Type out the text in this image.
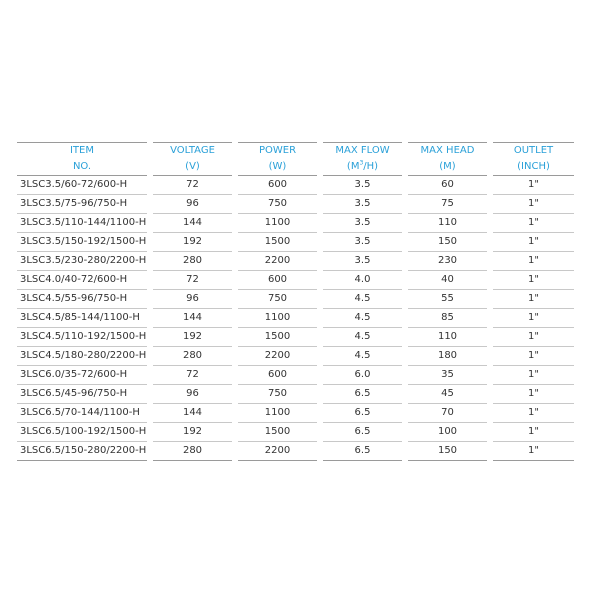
ITEM	VOLTAGE	POWER	MAX FLOW	MAX HEAD	OUTLET
NO.	(V)	(W)	$(M^3/H)$	(M)	(INCH)
3LSC3.5/60-72/600-H	72	600	3.5	60	1"
3LSC3.5/75-96/750-H	96	750	3.5	75	1"
3LSC3.5/110-144/1100-H	144	1100	3.5	110	1"
3LSC3.5/150-192/1500-H	192	1500	3.5	150	1"
3LSC3.5/230-280/2200-H	280	2200	3.5	230	1"
3LSC4.0/40-72/600-H	72	600	4.0	40	1"
3LSC4.5/55-96/750-H	96	750	4.5	55	1"
3LSC4.5/85-144/1100-H	144	1100	4.5	85	1"
3LSC4.5/110-192/1500-H	192	1500	4.5	110	1"
3LSC4.5/180-280/2200-H	280	2200	4.5	180	1"
3LSC6.0/35-72/600-H	72	600	6.0	35	1"
3LSC6.5/45-96/750-H	96	750	6.5	45	1"
3LSC6.5/70-144/1100-H	144	1100	6.5	70	1"
3LSC6.5/100-192/1500-H	192	1500	6.5	100	1"
3LSC6.5/150-280/2200-H	280	2200	6.5	150	1"
